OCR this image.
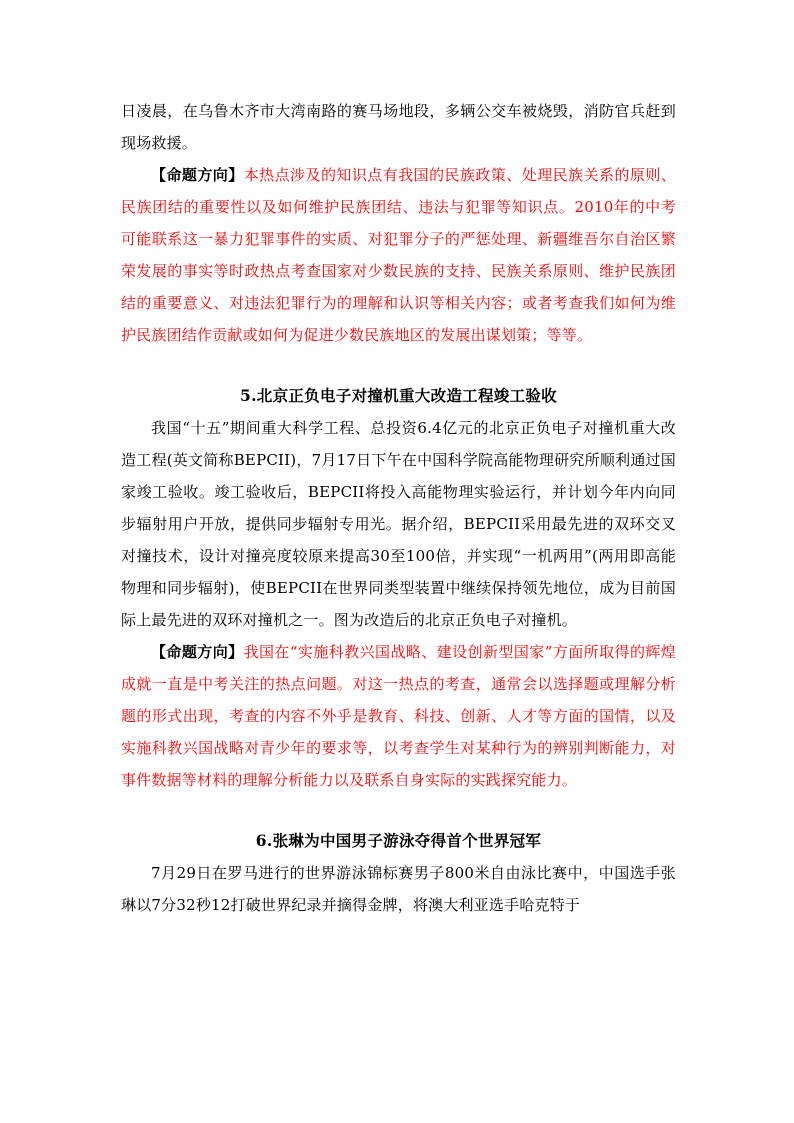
日凌晨，在乌鲁木齐市大湾南路的赛马场地段，多辆公交车被烧毁，消防官兵赶到现场救援。

【命题方向】本热点涉及的知识点有我国的民族政策、处理民族关系的原则、民族团结的重要性以及如何维护民族团结、违法与犯罪等知识点。2010年的中考可能联系这一暴力犯罪事件的实质、对犯罪分子的严惩处理、新疆维吾尔自治区繁荣发展的事实等时政热点考查国家对少数民族的支持、民族关系原则、维护民族团结的重要意义、对违法犯罪行为的理解和认识等相关内容；或者考查我们如何为维护民族团结作贡献或如何为促进少数民族地区的发展出谋划策；等等。

5.北京正负电子对撞机重大改造工程竣工验收

我国“十五”期间重大科学工程、总投资6.4亿元的北京正负电子对撞机重大改造工程(英文简称BEPCII)，7月17日下午在中国科学院高能物理研究所顺利通过国家竣工验收。竣工验收后，BEPCII将投入高能物理实验运行，并计划今年内向同步辐射用户开放，提供同步辐射专用光。据介绍，BEPCII采用最先进的双环交叉对撞技术，设计对撞亮度较原来提高30至100倍，并实现“一机两用”(两用即高能物理和同步辐射)，使BEPCII在世界同类型装置中继续保持领先地位，成为目前国际上最先进的双环对撞机之一。图为改造后的北京正负电子对撞机。

【命题方向】我国在“实施科教兴国战略、建设创新型国家”方面所取得的辉煌成就一直是中考关注的热点问题。对这一热点的考查，通常会以选择题或理解分析题的形式出现，考查的内容不外乎是教育、科技、创新、人才等方面的国情，以及实施科教兴国战略对青少年的要求等，以考查学生对某种行为的辨别判断能力，对事件数据等材料的理解分析能力以及联系自身实际的实践探究能力。

6.张琳为中国男子游泳夺得首个世界冠军

7月29日在罗马进行的世界游泳锦标赛男子800米自由泳比赛中，中国选手张琳以7分32秒12打破世界纪录并摘得金牌，将澳大利亚选手哈克特于
